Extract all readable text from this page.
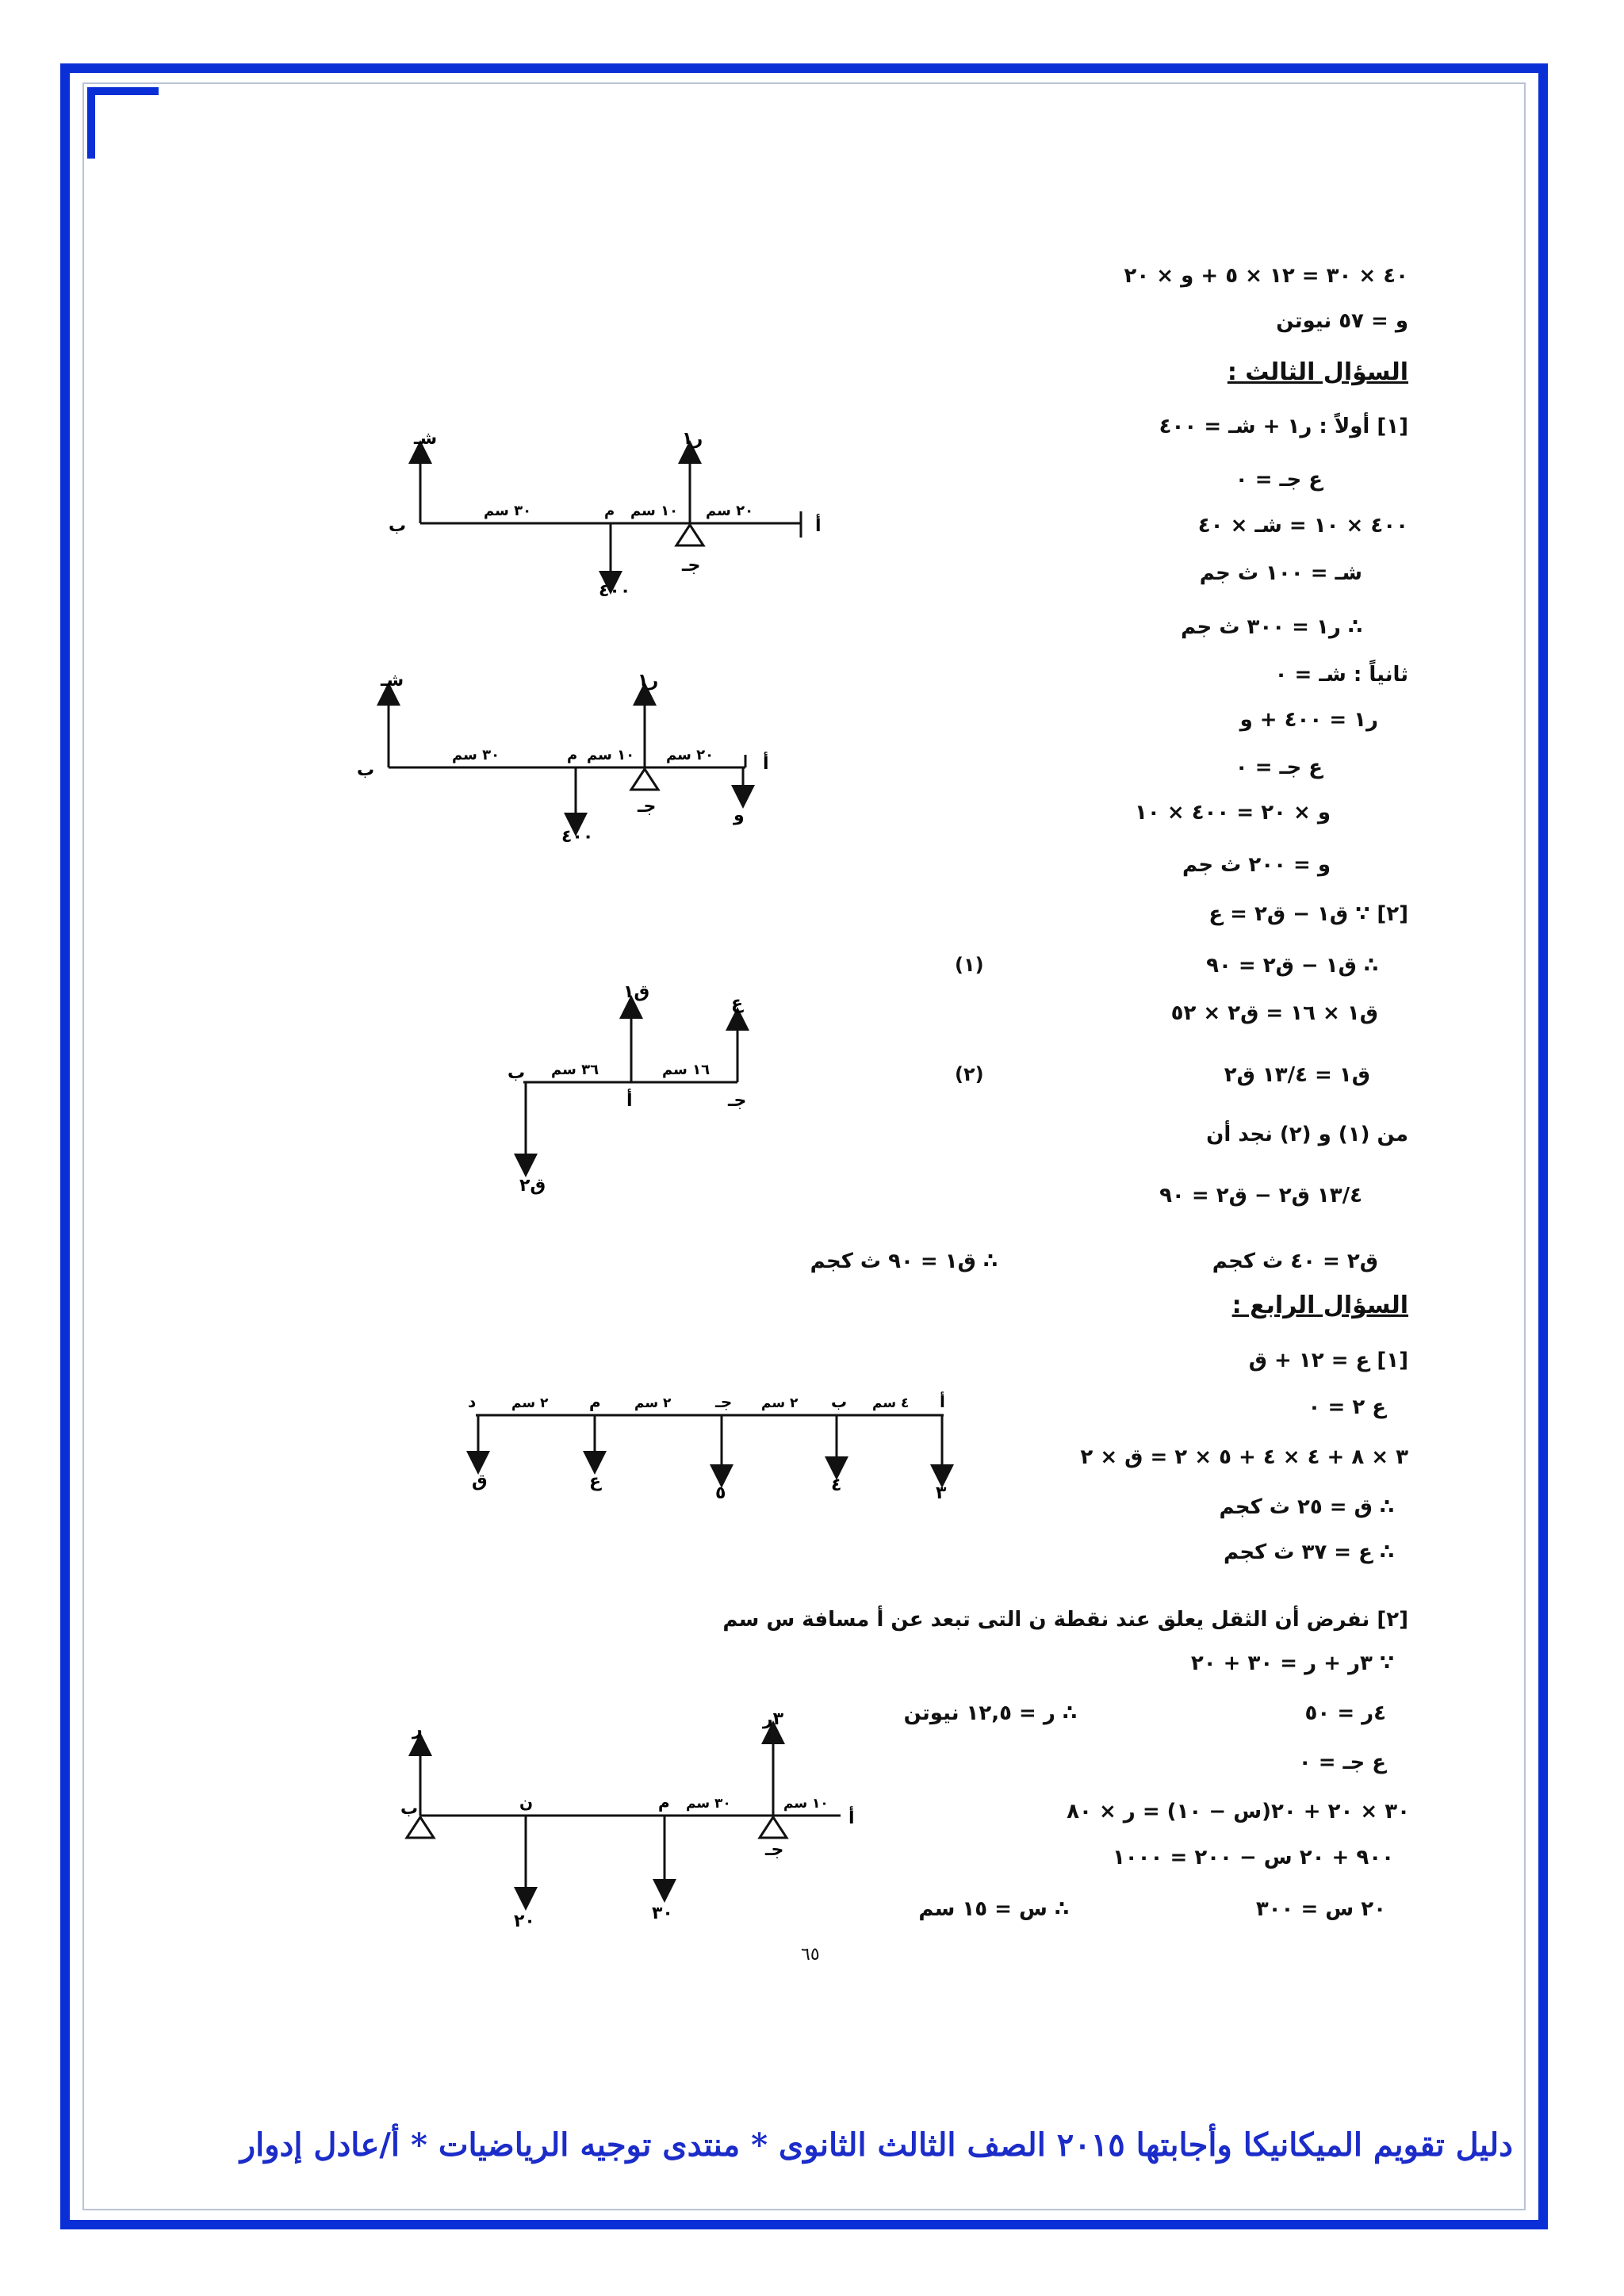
٤٠ × ٣٠ = ١٢ × ٥ + و × ٢٠
و = ٥٧ نيوتن
السؤال الثالث :
[١] أولاً : ر١ + شـ = ٤٠٠
ع جـ = ٠
٤٠٠ × ١٠ = شـ × ٤٠
شـ = ١٠٠ ث جم
∴ ر١ = ٣٠٠ ث جم
ثانياً : شـ = ٠
ر١ = ٤٠٠ + و
ع جـ = ٠
و × ٢٠ = ٤٠٠ × ١٠
و = ٢٠٠ ث جم
[٢] ∵ ق١ − ق٢ = ع
∴ ق١ − ق٢ = ٩٠
(١)
ق١ × ١٦ = ق٢ × ٥٢
ق١ = ١٣/٤ ق٢
(٢)
من (١) و (٢) نجد أن
١٣/٤ ق٢ − ق٢ = ٩٠
ق٢ = ٤٠ ث كجم
∴ ق١ = ٩٠ ث كجم
السؤال الرابع :
[١] ع = ١٢ + ق
ع ٢ = ٠
٣ × ٨ + ٤ × ٤ + ٥ × ٢ = ق × ٢
∴ ق = ٢٥ ث كجم
∴ ع = ٣٧ ث كجم
[٢] نفرض أن الثقل يعلق عند نقطة ن التى تبعد عن أ مسافة س سم
∵ ٣ر + ر = ٣٠ + ٢٠
٤ر = ٥٠
∴ ر = ١٢,٥ نيوتن
ع جـ = ٠
٣٠ × ٢٠ + ٢٠(س − ١٠) = ر × ٨٠
٩٠٠ + ٢٠ س − ٢٠٠ = ١٠٠٠
٢٠ س = ٣٠٠
∴ س = ١٥ سم
شـ	ر١
ب	أ
جـ
٤٠٠
٣٠ سم	١٠ سم
م	٢٠ سم
شـ	ر١
ب	أ
جـ
٤٠٠
و
٣٠ سم	١٠ سم
م	٢٠ سم
ق١
ع
ق٢
ب
أ	جـ
٣٦ سم	١٦ سم
أ
ب
جـ
م
د	٤ سم
٢ سم
٢ سم
٢ سم
٣
٤
٥
ع
ق
ر
٣ر
ب	أ
جـ
ن	م ٣٠ سم	١٠ سم
٢٠	٣٠
٦٥
دليل تقويم الميكانيكا وأجابتها ٢٠١٥ الصف الثالث الثانوى * منتدى توجيه الرياضيات * أ/عادل إدوار
